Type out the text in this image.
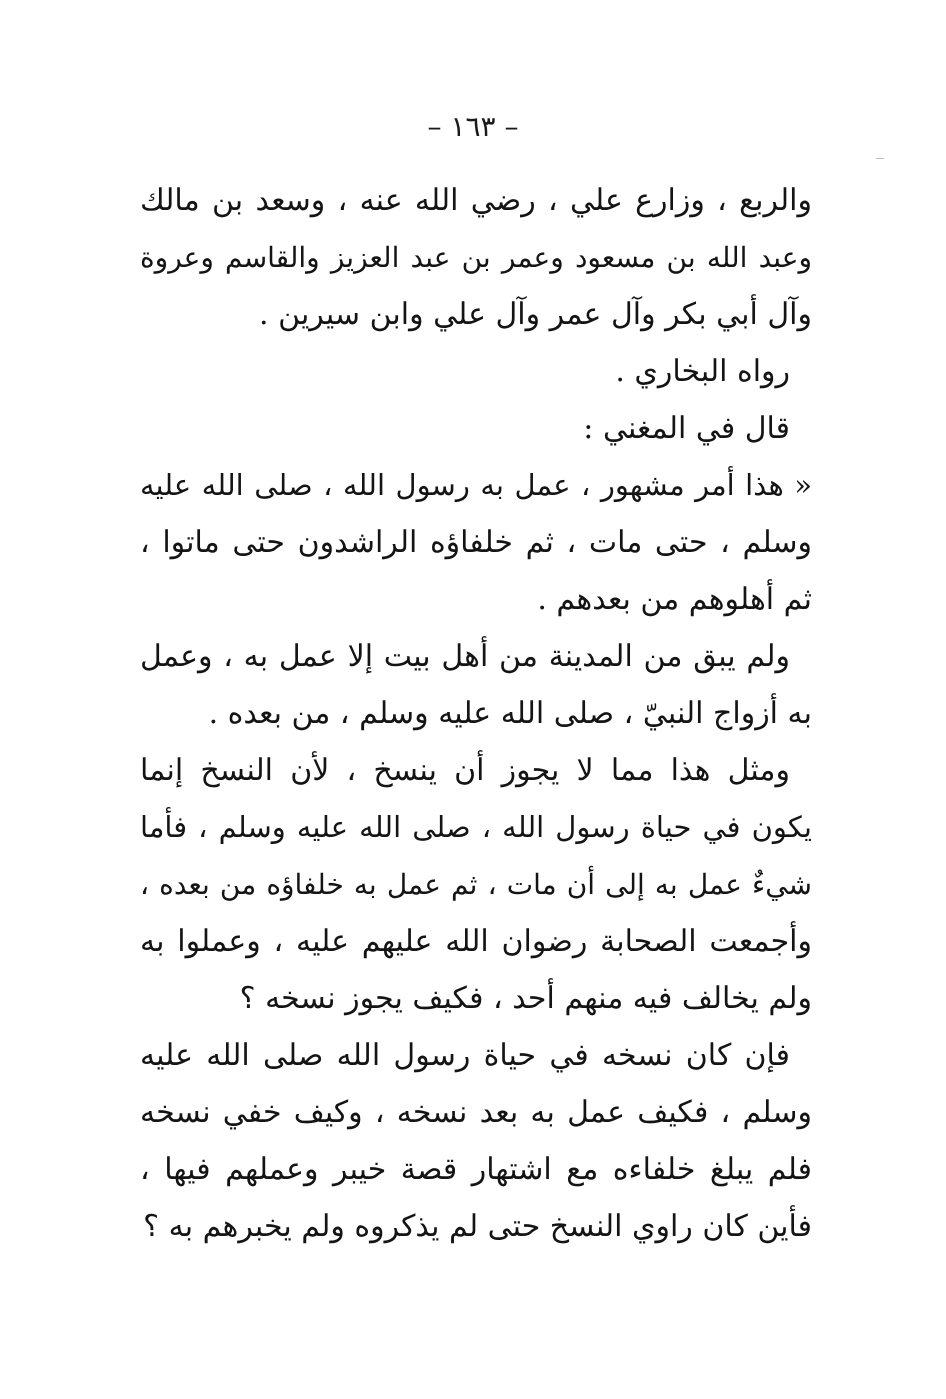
– ١٦٣ –
والربع ، وزارع علي ، رضي الله عنه ، وسعد بن مالك
وعبد الله بن مسعود وعمر بن عبد العزيز والقاسم وعروة
وآل أبي بكر وآل عمر وآل علي وابن سيرين .
رواه البخاري .
قال في المغني :
« هذا أمر مشهور ، عمل به رسول الله ، صلى الله عليه
وسلم ، حتى مات ، ثم خلفاؤه الراشدون حتى ماتوا ،
ثم أهلوهم من بعدهم .
ولم يبق من المدينة من أهل بيت إلا عمل به ، وعمل
به أزواج النبيّ ، صلى الله عليه وسلم ، من بعده .
ومثل هذا مما لا يجوز أن ينسخ ، لأن النسخ إنما
يكون في حياة رسول الله ، صلى الله عليه وسلم ، فأما
شيءٌ عمل به إلى أن مات ، ثم عمل به خلفاؤه من بعده ،
وأجمعت الصحابة رضوان الله عليهم عليه ، وعملوا به
ولم يخالف فيه منهم أحد ، فكيف يجوز نسخه ؟
فإن كان نسخه في حياة رسول الله صلى الله عليه
وسلم ، فكيف عمل به بعد نسخه ، وكيف خفي نسخه
فلم يبلغ خلفاءه مع اشتهار قصة خيبر وعملهم فيها ،
فأين كان راوي النسخ حتى لم يذكروه ولم يخبرهم به ؟
